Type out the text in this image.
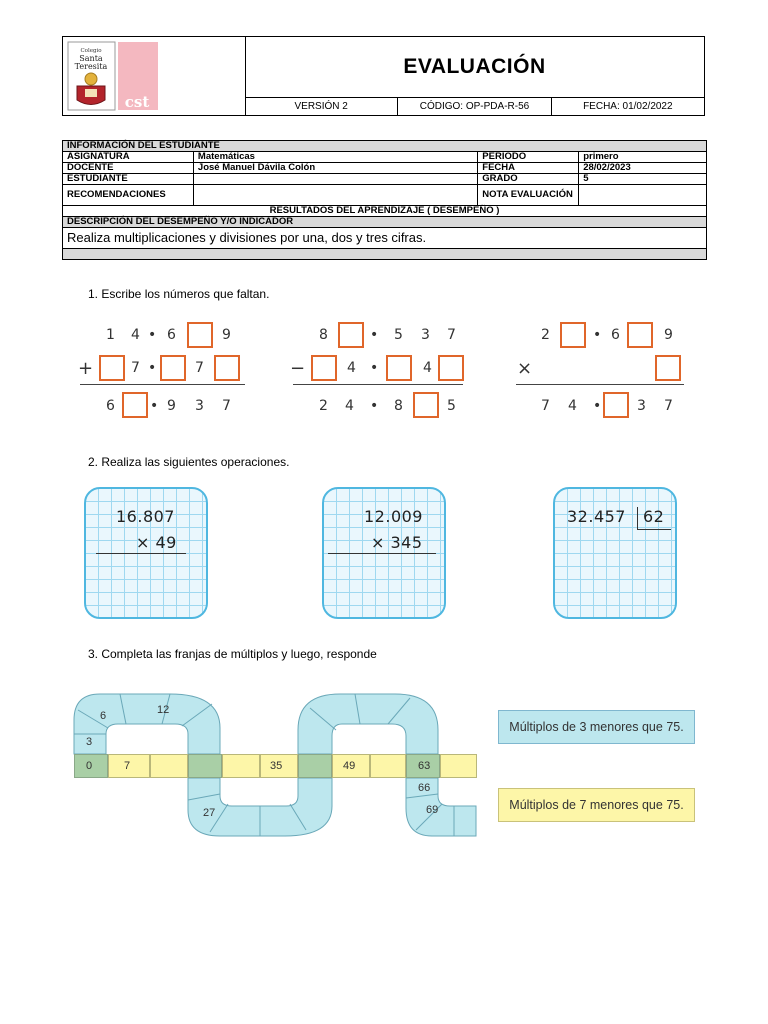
Colegio
Santa
Teresita
cst
EVALUACIÓN
VERSIÓN 2	CÓDIGO: OP-PDA-R-56	FECHA: 01/02/2022
INFORMACIÓN DEL ESTUDIANTE			
ASIGNATURA	Matemáticas	PERIODO	primero
DOCENTE	José Manuel Dávila Colón	FECHA	28/02/2023
ESTUDIANTE		GRADO	5
RECOMENDACIONES		NOTA EVALUACIÓN	
RESULTADOS DEL APRENDIZAJE ( DESEMPEÑO )			
DESCRIPCIÓN DEL DESEMPEÑO Y/O INDICADOR			
Realiza multiplicaciones y divisiones por una, dos y tres cifras.			

1. Escribe los números que faltan.
1 4 • 6	9
+	7 •	7
6	• 9 3 7
8	• 5 3 7
−	4 •	4
2 4 • 8	5
2	• 6	9
×
7 4 •	3 7
2. Realiza las siguientes operaciones.
16.807
× 49
12.009
× 345
32.457 62
3. Completa las franjas de múltiplos y luego, responde
0
3
6	12
27
7	35	49	63
66
69
Múltiplos de 3 menores que 75.
Múltiplos de 7 menores que 75.
